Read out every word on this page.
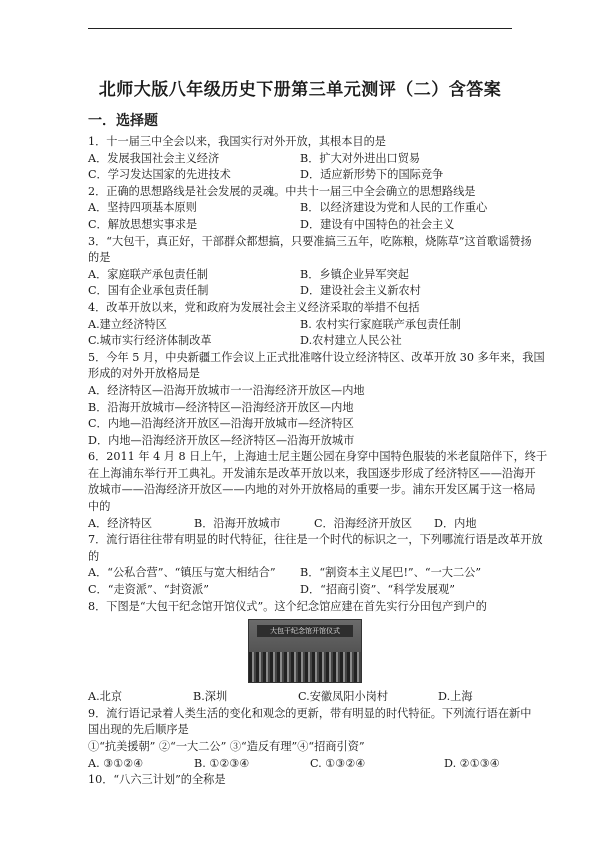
北师大版八年级历史下册第三单元测评（二）含答案
一．选择题
1．十一届三中全会以来，我国实行对外开放，其根本目的是
A．发展我国社会主义经济	B．扩大对外进出口贸易
C．学习发达国家的先进技术	D．适应新形势下的国际竞争
2．正确的思想路线是社会发展的灵魂。中共十一届三中全会确立的思想路线是
A．坚持四项基本原则	B．以经济建设为党和人民的工作重心
C．解放思想实事求是	D．建设有中国特色的社会主义
3．“大包干，真正好，干部群众都想搞，只要准搞三五年，吃陈粮，烧陈草”这首歌谣赞扬
的是
A．家庭联产承包责任制	B．乡镇企业异军突起
C．国有企业承包责任制	D．建设社会主义新农村
4．改革开放以来，党和政府为发展社会主义经济采取的举措不包括
A.建立经济特区	B. 农村实行家庭联产承包责任制
C.城市实行经济体制改革	D.农村建立人民公社
5．今年 5 月，中央新疆工作会议上正式批准喀什设立经济特区、改革开放 30 多年来，我国
形成的对外开放格局是
A．经济特区—沿海开放城市一一沿海经济开放区—内地
B．沿海开放城市—经济特区—沿海经济开放区—内地
C．内地—沿海经济开放区—沿海开放城市—经济特区
D．内地—沿海经济开放区—经济特区—沿海开放城市
6．2011 年 4 月 8 日上午，上海迪士尼主题公园在身穿中国特色服装的米老鼠陪伴下，终于
在上海浦东举行开工典礼。开发浦东是改革开放以来，我国逐步形成了经济特区——沿海开
放城市——沿海经济开放区——内地的对外开放格局的重要一步。浦东开发区属于这一格局
中的
A．经济特区	B．沿海开放城市	C．沿海经济开放区	D．内地
7．流行语往往带有明显的时代特征，往往是一个时代的标识之一，下列哪流行语是改革开放
的
A．“公私合营”、“镇压与宽大相结合”	B．“割资本主义尾巴!”、“一大二公”
C．“走资派”、“封资派”	D．“招商引资”、“科学发展观”
8．下图是“大包干纪念馆开馆仪式”。这个纪念馆应建在首先实行分田包产到户的
大包干纪念馆开馆仪式
A.北京	B.深圳	C.安徽凤阳小岗村	D.上海
9．流行语记录着人类生活的变化和观念的更新，带有明显的时代特征。下列流行语在新中
国出现的先后顺序是
①“抗美援朝” ②“一大二公” ③“造反有理”④“招商引资”
A. ③①②④	B. ①②③④	C. ①③②④	D. ②①③④
10．“八六三计划”的全称是
